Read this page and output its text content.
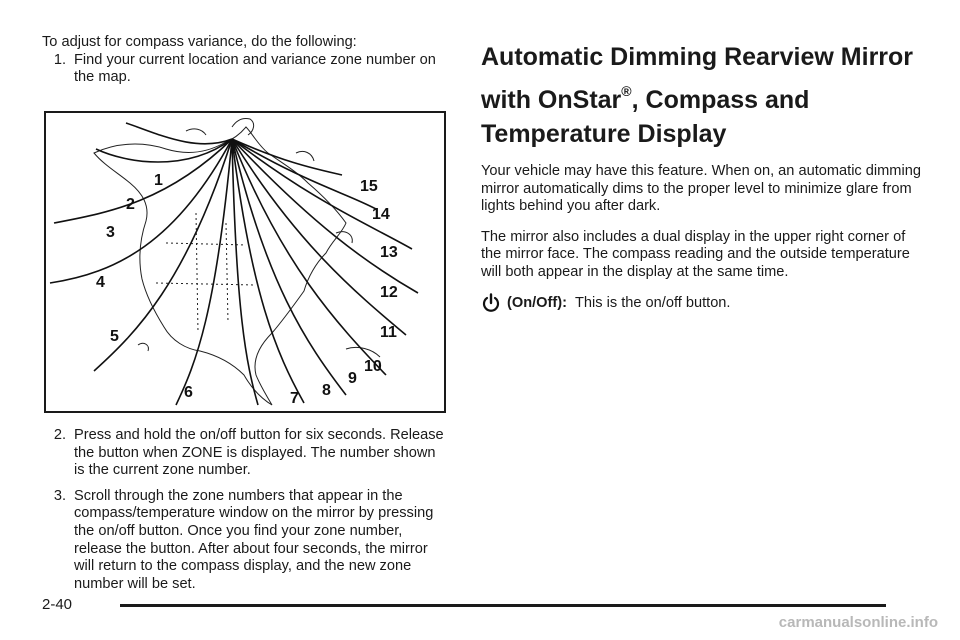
To adjust for compass variance, do the following:

1. Find your current location and variance zone number on the map.
1
2
3
4
5
6	7 8
9
10
11
12
13
14
15
2. Press and hold the on/off button for six seconds. Release the button when ZONE is displayed. The number shown is the current zone number.
3. Scroll through the zone numbers that appear in the compass/temperature window on the mirror by pressing the on/off button. Once you find your zone number, release the button. After about four seconds, the mirror will return to the compass display, and the new zone number will be set.
Automatic Dimming Rearview Mirror
with OnStar®, Compass and
Temperature Display

Your vehicle may have this feature. When on, an automatic dimming mirror automatically dims to the proper level to minimize glare from lights behind you after dark.

The mirror also includes a dual display in the upper right corner of the mirror face. The compass reading and the outside temperature will both appear in the display at the same time.

(On/Off): This is the on/off button.
2-40
carmanualsonline.info
